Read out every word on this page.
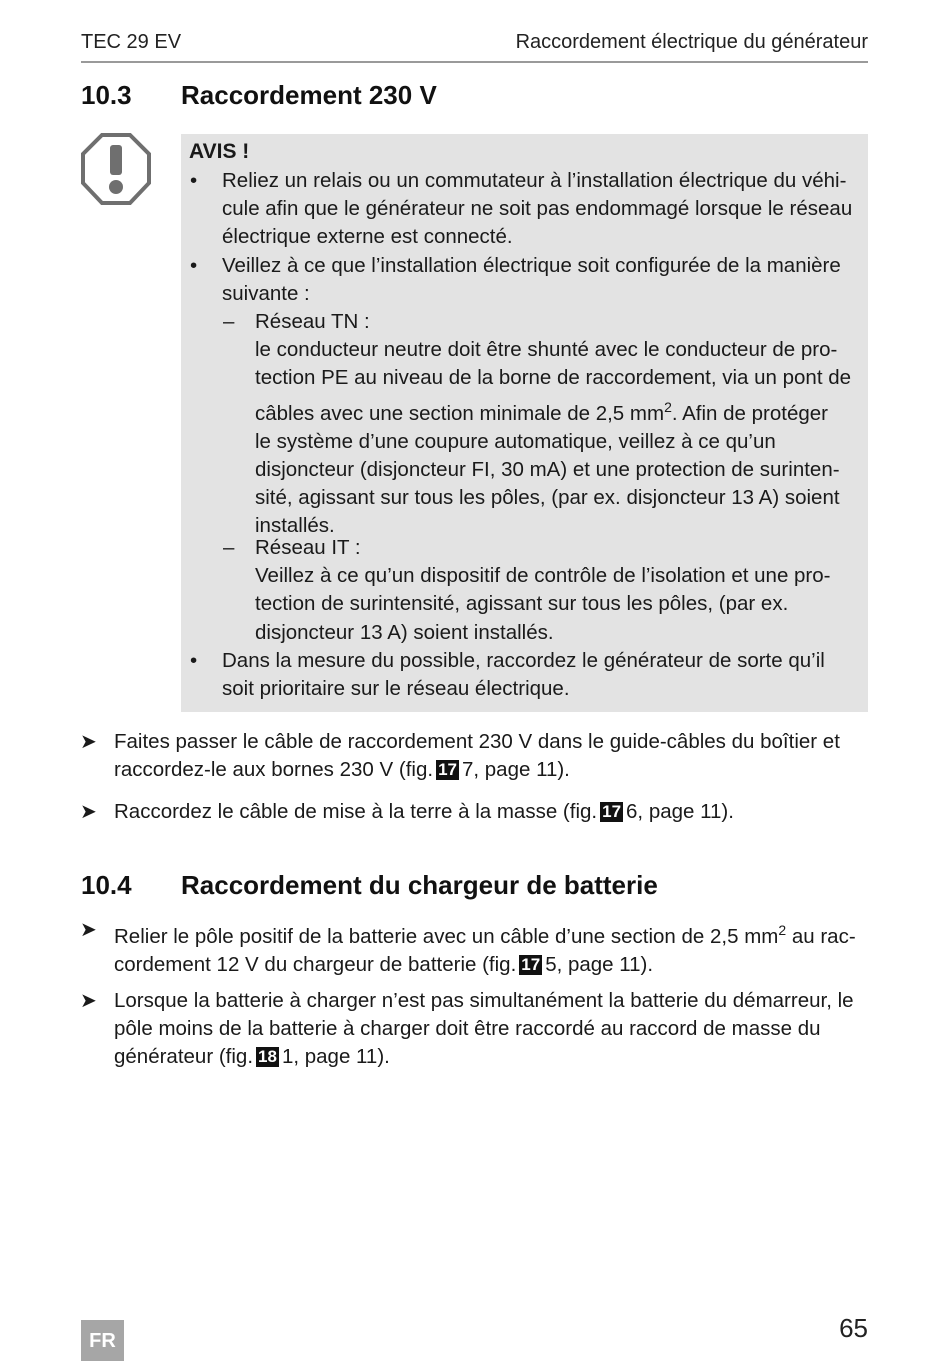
TEC 29 EV	Raccordement électrique du générateur
10.3 Raccordement 230 V
AVIS !
• Reliez un relais ou un commutateur à l’installation électrique du véhi-
cule afin que le générateur ne soit pas endommagé lorsque le réseau
électrique externe est connecté.
• Veillez à ce que l’installation électrique soit configurée de la manière
suivante :
– Réseau TN :
le conducteur neutre doit être shunté avec le conducteur de pro-
tection PE au niveau de la borne de raccordement, via un pont de
câbles avec une section minimale de 2,5 $mm^2$. Afin de protéger
le système d’une coupure automatique, veillez à ce qu’un
disjoncteur (disjoncteur FI, 30 mA) et une protection de surinten-
sité, agissant sur tous les pôles, (par ex. disjoncteur 13 A) soient
installés.
– Réseau IT :
Veillez à ce qu’un dispositif de contrôle de l’isolation et une pro-
tection de surintensité, agissant sur tous les pôles, (par ex.
disjoncteur 13 A) soient installés.
• Dans la mesure du possible, raccordez le générateur de sorte qu’il
soit prioritaire sur le réseau électrique.
➤ Faites passer le câble de raccordement 230 V dans le guide-câbles du boîtier et
raccordez-le aux bornes 230 V (fig. 17 7, page 11).
➤ Raccordez le câble de mise à la terre à la masse (fig. 17 6, page 11).
10.4 Raccordement du chargeur de batterie
➤ Relier le pôle positif de la batterie avec un câble d’une section de 2,5 $mm^2$ au rac-
cordement 12 V du chargeur de batterie (fig. 17 5, page 11).
➤ Lorsque la batterie à charger n’est pas simultanément la batterie du démarreur, le
pôle moins de la batterie à charger doit être raccordé au raccord de masse du
générateur (fig. 18 1, page 11).
FR	65
